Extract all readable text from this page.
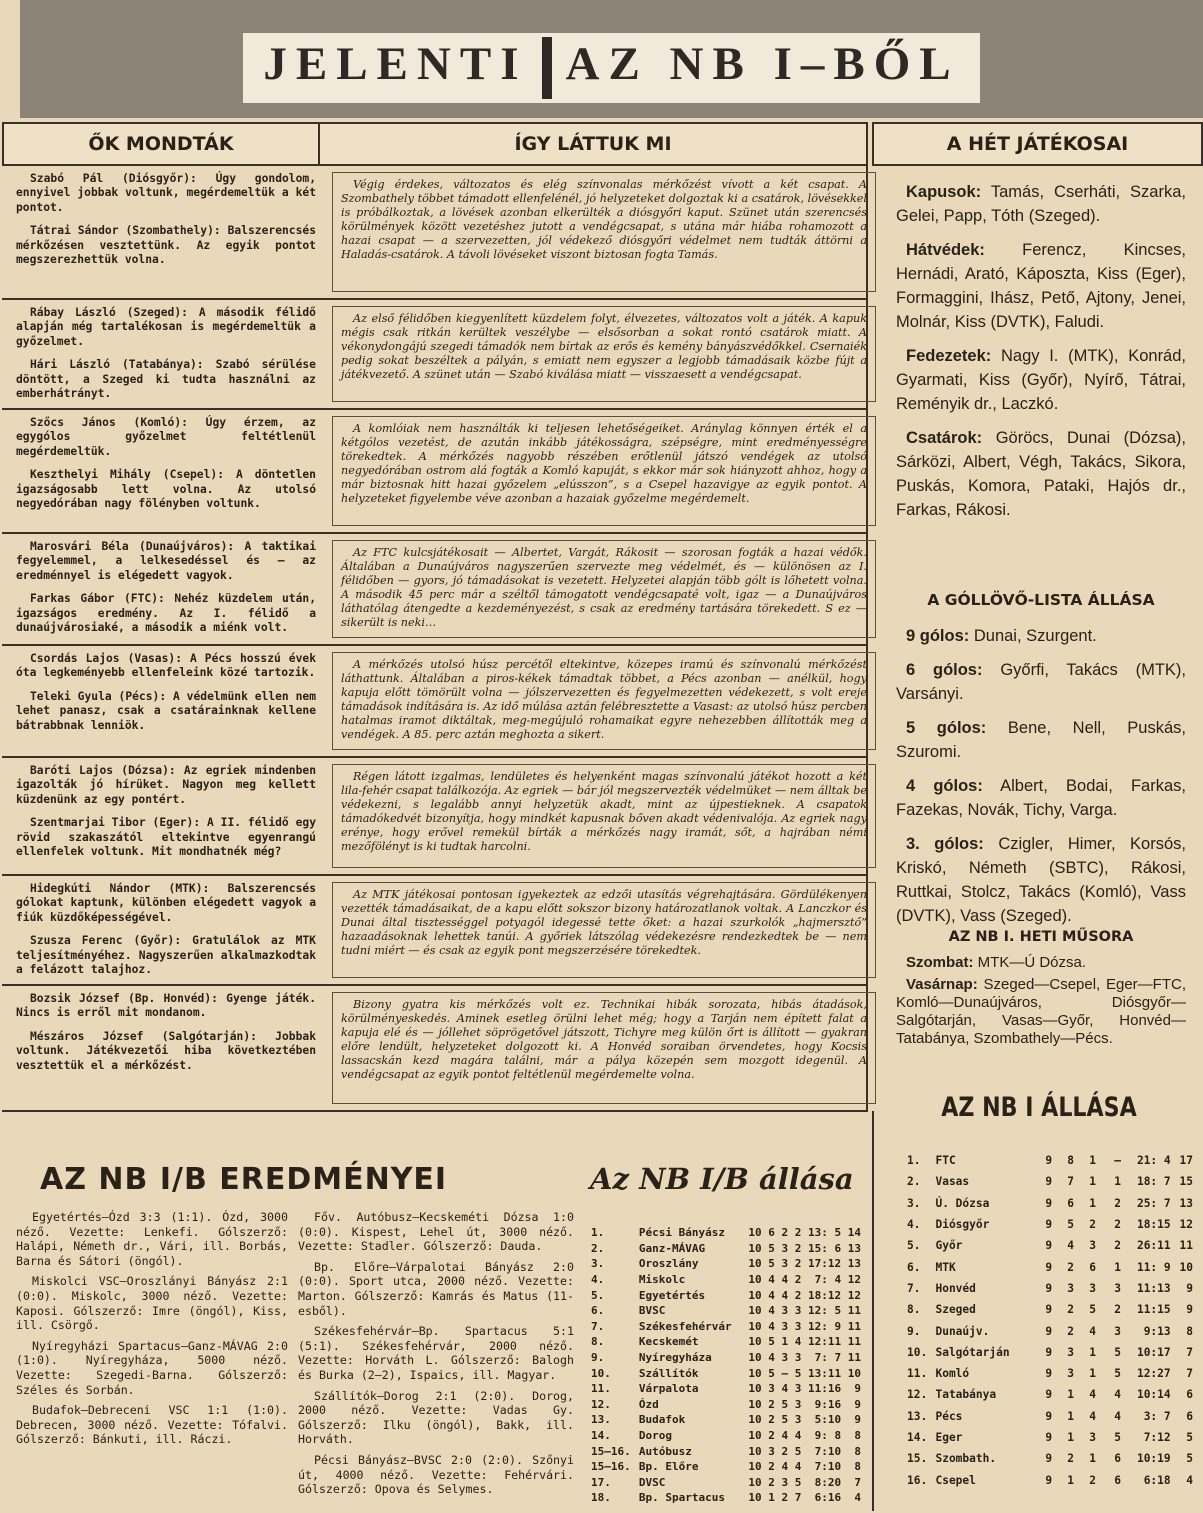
JELENTI AZ NB I–BŐL
ŐK MONDTÁK	ÍGY LÁTTUK MI	A HÉT JÁTÉKOSAI

Szabó Pál (Diósgyőr): Úgy gondolom, ennyivel jobbak voltunk, megérdemeltük a két pontot.

Tátrai Sándor (Szombathely): Balszerencsés mérkőzésen vesztettünk. Az egyik pontot megszerezhettük volna.

Végig érdekes, változatos és elég színvonalas mérkőzést vívott a két csapat. A Szombathely többet támadott ellenfelénél, jó helyzeteket dolgoztak ki a csatárok, lövésekkel is próbálkoztak, a lövések azonban elkerülték a diósgyőri kaput. Szünet után szerencsés körülmények között vezetéshez jutott a vendégcsapat, s utána már hiába rohamozott a hazai csapat — a szervezetten, jól védekező diósgyőri védelmet nem tudták áttörni a Haladás-csatárok. A távoli lövéseket viszont biztosan fogta Tamás.

Rábay László (Szeged): A második félidő alapján még tartalékosan is megérdemeltük a győzelmet.

Hári László (Tatabánya): Szabó sérülése döntött, a Szeged ki tudta használni az emberhátrányt.

Az első félidőben kiegyenlített küzdelem folyt, élvezetes, változatos volt a játék. A kapuk mégis csak ritkán kerültek veszélybe — elsősorban a sokat rontó csatárok miatt. A vékonydongájú szegedi támadók nem bírtak az erős és kemény bányászvédőkkel. Csernaiék pedig sokat beszéltek a pályán, s emiatt nem egyszer a legjobb támadásaik közbe fújt a játékvezető. A szünet után — Szabó kiválása miatt — visszaesett a vendégcsapat.

Szőcs János (Komló): Úgy érzem, az egygólos győzelmet feltétlenül megérdemeltük.

Keszthelyi Mihály (Csepel): A döntetlen igazságosabb lett volna. Az utolsó negyedórában nagy fölényben voltunk.

A komlóiak nem használták ki teljesen lehetőségeiket. Aránylag könnyen érték el a kétgólos vezetést, de azután inkább játékosságra, szépségre, mint eredményességre törekedtek. A mérkőzés nagyobb részében erőtlenül játszó vendégek az utolsó negyedórában ostrom alá fogták a Komló kapuját, s ekkor már sok hiányzott ahhoz, hogy a már biztosnak hitt hazai győzelem „elússzon”, s a Csepel hazavigye az egyik pontot. A helyzeteket figyelembe véve azonban a hazaiak győzelme megérdemelt.

Marosvári Béla (Dunaújváros): A taktikai fegyelemmel, a lelkesedéssel és — az eredménnyel is elégedett vagyok.

Farkas Gábor (FTC): Nehéz küzdelem után, igazságos eredmény. Az I. félidő a dunaújvárosiaké, a második a miénk volt.

Az FTC kulcsjátékosait — Albertet, Vargát, Rákosit — szorosan fogták a hazai védők. Általában a Dunaújváros nagyszerűen szervezte meg védelmét, és — különösen az I. félidőben — gyors, jó támadásokat is vezetett. Helyzetei alapján több gólt is lőhetett volna. A második 45 perc már a széltől támogatott vendégcsapaté volt, igaz — a Dunaújváros láthatólag átengedte a kezdeményezést, s csak az eredmény tartására törekedett. S ez — sikerült is neki…

Csordás Lajos (Vasas): A Pécs hosszú évek óta legkeményebb ellenfeleink közé tartozik.

Teleki Gyula (Pécs): A védelmünk ellen nem lehet panasz, csak a csatárainknak kellene bátrabbnak lenniök.

A mérkőzés utolsó húsz percétől eltekintve, közepes iramú és színvonalú mérkőzést láthattunk. Általában a piros-kékek támadtak többet, a Pécs azonban — anélkül, hogy kapuja előtt tömörült volna — jólszervezetten és fegyelmezetten védekezett, s volt ereje támadások indítására is. Az idő múlása aztán felébresztette a Vasast: az utolsó húsz percben hatalmas iramot diktáltak, meg-megújuló rohamaikat egyre nehezebben állították meg a vendégek. A 85. perc aztán meghozta a sikert.

Baróti Lajos (Dózsa): Az egriek mindenben igazolták jó hírüket. Nagyon meg kellett küzdenünk az egy pontért.

Szentmarjai Tibor (Eger): A II. félidő egy rövid szakaszától eltekintve egyenrangú ellenfelek voltunk. Mit mondhatnék még?

Régen látott izgalmas, lendületes és helyenként magas színvonalú játékot hozott a két lila-fehér csapat találkozója. Az egriek — bár jól megszervezték védelmüket — nem álltak be védekezni, s legalább annyi helyzetük akadt, mint az újpestieknek. A csapatok támadókedvét bizonyítja, hogy mindkét kapusnak bőven akadt védenivalója. Az egriek nagy erénye, hogy erővel remekül bírták a mérkőzés nagy iramát, sőt, a hajrában némi mezőfölényt is ki tudtak harcolni.

Hidegkúti Nándor (MTK): Balszerencsés gólokat kaptunk, különben elégedett vagyok a fiúk küzdőképességével.

Szusza Ferenc (Győr): Gratulálok az MTK teljesítményéhez. Nagyszerűen alkalmazkodtak a felázott talajhoz.

Az MTK játékosai pontosan igyekeztek az edzői utasítás végrehajtására. Gördülékenyen vezették támadásaikat, de a kapu előtt sokszor bizony határozatlanok voltak. A Lanczkor és Dunai által tisztességgel potyagól idegessé tette őket: a hazai szurkolók „hajmersztő” hazaadásoknak lehettek tanúi. A győriek látszólag védekezésre rendezkedtek be — nem tudni miért — és csak az egyik pont megszerzésére törekedtek.

Bozsik József (Bp. Honvéd): Gyenge játék. Nincs is erről mit mondanom.

Mészáros József (Salgótarján): Jobbak voltunk. Játékvezetői hiba következtében vesztettük el a mérkőzést.

Bizony gyatra kis mérkőzés volt ez. Technikai hibák sorozata, hibás átadások, körülményeskedés. Aminek esetleg örülni lehet még; hogy a Tarján nem épített falat a kapuja elé és — jóllehet söprögetővel játszott, Tichyre meg külön őrt is állított — gyakran előre lendült, helyzeteket dolgozott ki. A Honvéd soraiban örvendetes, hogy Kocsis lassacskán kezd magára találni, már a pálya közepén sem mozgott idegenül. A vendégcsapat az egyik pontot feltétlenül megérdemelte volna.

Kapusok: Tamás, Cserháti, Szarka, Gelei, Papp, Tóth (Szeged).

Hátvédek: Ferencz, Kincses, Hernádi, Arató, Káposzta, Kiss (Eger), Formaggini, Ihász, Pető, Ajtony, Jenei, Molnár, Kiss (DVTK), Faludi.

Fedezetek: Nagy I. (MTK), Konrád, Gyarmati, Kiss (Győr), Nyírő, Tátrai, Reményik dr., Laczkó.

Csatárok: Göröcs, Dunai (Dózsa), Sárközi, Albert, Végh, Takács, Sikora, Puskás, Komora, Pataki, Hajós dr., Farkas, Rákosi.

A GÓLLÖVŐ-LISTA ÁLLÁSA

9 gólos: Dunai, Szurgent.

6 gólos: Győrfi, Takács (MTK), Varsányi.

5 gólos: Bene, Nell, Puskás, Szuromi.

4 gólos: Albert, Bodai, Farkas, Fazekas, Novák, Tichy, Varga.

3. gólos: Czigler, Himer, Korsós, Kriskó, Németh (SBTC), Rákosi, Ruttkai, Stolcz, Takács (Komló), Vass (DVTK), Vass (Szeged).

AZ NB I. HETI MŰSORA

Szombat: MTK—Ú Dózsa.

Vasárnap: Szeged—Csepel, Eger—FTC, Komló—Dunaújváros, Diósgyőr—Salgótarján, Vasas—Győr, Honvéd—Tatabánya, Szombathely—Pécs.

AZ NB I ÁLLÁSA
1.	FTC	9	8	1	—	21: 4	17
2.	Vasas	9	7	1	1	18: 7	15
3.	Ú. Dózsa	9	6	1	2	25: 7	13
4.	Diósgyőr	9	5	2	2	18:15	12
5.	Győr	9	4	3	2	26:11	11
6.	MTK	9	2	6	1	11: 9	10
7.	Honvéd	9	3	3	3	11:13	9
8.	Szeged	9	2	5	2	11:15	9
9.	Dunaújv.	9	2	4	3	9:13	8
10.	Salgótarján	9	3	1	5	10:17	7
11.	Komló	9	3	1	5	12:27	7
12.	Tatabánya	9	1	4	4	10:14	6
13.	Pécs	9	1	4	4	3: 7	6
14.	Eger	9	1	3	5	7:12	5
15.	Szombath.	9	2	1	6	10:19	5
16.	Csepel	9	1	2	6	6:18	4
AZ NB I/B EREDMÉNYEI

Egyetértés—Ózd 3:3 (1:1). Ózd, 3000 néző. Vezette: Lenkefi. Gólszerző: Halápi, Németh dr., Vári, ill. Borbás, Barna és Sátori (öngól).

Miskolci VSC—Oroszlányi Bányász 2:1 (0:0). Miskolc, 3000 néző. Vezette: Kaposi. Gólszerző: Imre (öngól), Kiss, ill. Csörgő.

Nyíregyházi Spartacus—Ganz-MÁVAG 2:0 (1:0). Nyíregyháza, 5000 néző. Vezette: Szegedi-Barna. Gólszerző: Széles és Sorbán.

Budafok—Debreceni VSC 1:1 (1:0). Debrecen, 3000 néző. Vezette: Tófalvi. Gólszerző: Bánkuti, ill. Ráczi.

Főv. Autóbusz—Kecskeméti Dózsa 1:0 (0:0). Kispest, Lehel út, 3000 néző. Vezette: Stadler. Gólszerző: Dauda.

Bp. Előre—Várpalotai Bányász 2:0 (0:0). Sport utca, 2000 néző. Vezette: Marton. Gólszerző: Kamrás és Matus (11-esből).

Székesfehérvár—Bp. Spartacus 5:1 (5:1). Székesfehérvár, 2000 néző. Vezette: Horváth L. Gólszerző: Balogh és Burka (2—2), Ispaics, ill. Magyar.

Szállítók—Dorog 2:1 (2:0). Dorog, 2000 néző. Vezette: Vadas Gy. Gólszerző: Ilku (öngól), Bakk, ill. Horváth.

Pécsi Bányász—BVSC 2:0 (2:0). Szőnyi út, 4000 néző. Vezette: Fehérvári. Gólszerző: Opova és Selymes.

Az NB I/B állása
1.	Pécsi Bányász	10 6 2 2 13: 5 14
2.	Ganz-MÁVAG	10 5 3 2 15: 6 13
3.	Oroszlány	10 5 3 2 17:12 13
4.	Miskolc	10 4 4 2  7: 4 12
5.	Egyetértés	10 4 4 2 18:12 12
6.	BVSC	10 4 3 3 12: 5 11
7.	Székesfehérvár	10 4 3 3 12: 9 11
8.	Kecskemét	10 5 1 4 12:11 11
9.	Nyíregyháza	10 4 3 3  7: 7 11
10.	Szállítók	10 5 — 5 13:11 10
11.	Várpalota	10 3 4 3 11:16  9
12.	Ózd	10 2 5 3  9:16  9
13.	Budafok	10 2 5 3  5:10  9
14.	Dorog	10 2 4 4  9: 8  8
15—16.	Autóbusz	10 3 2 5  7:10  8
15—16.	Bp. Előre	10 2 4 4  7:10  8
17.	DVSC	10 2 3 5  8:20  7
18.	Bp. Spartacus	10 1 2 7  6:16  4
